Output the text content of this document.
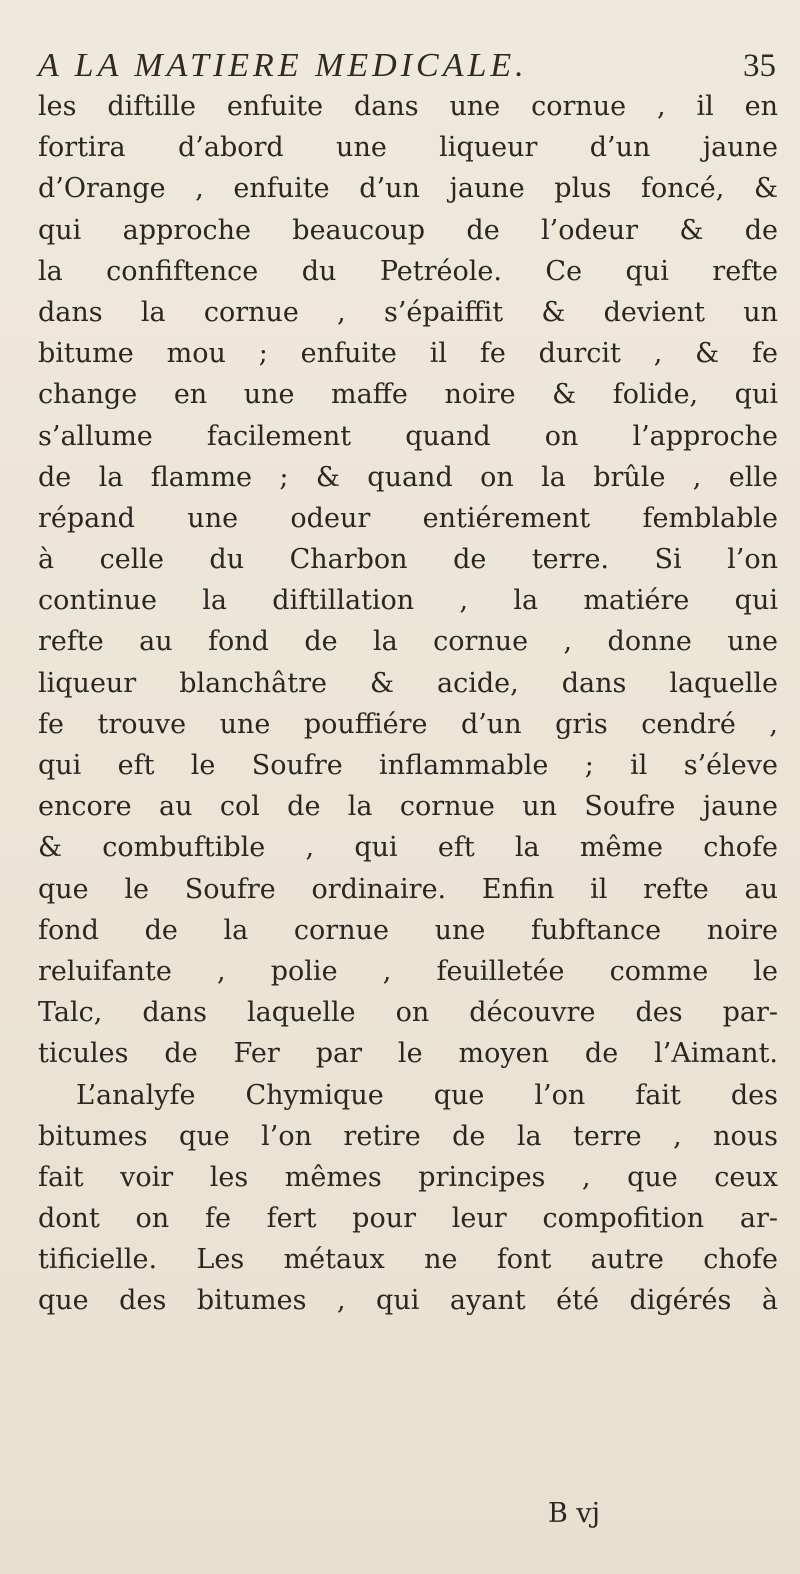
A LA MATIERE MEDICALE.	35
les diftille enfuite dans une cornue , il en
fortira d’abord une liqueur d’un jaune
d’Orange , enfuite d’un jaune plus foncé, &
qui approche beaucoup de l’odeur & de
la confiftence du Petréole. Ce qui refte
dans la cornue , s’épaiffit & devient un
bitume mou ; enfuite il fe durcit , & fe
change en une maffe noire & folide, qui
s’allume facilement quand on l’approche
de la flamme ; & quand on la brûle , elle
répand une odeur entiérement femblable
à celle du Charbon de terre. Si l’on
continue la diftillation , la matiére qui
refte au fond de la cornue , donne une
liqueur blanchâtre & acide, dans laquelle
fe trouve une pouffiére d’un gris cendré ,
qui eft le Soufre inflammable ; il s’éleve
encore au col de la cornue un Soufre jaune
& combuftible , qui eft la même chofe
que le Soufre ordinaire. Enfin il refte au
fond de la cornue une fubftance noire
reluifante , polie , feuilletée comme le
Talc, dans laquelle on découvre des par-
ticules de Fer par le moyen de l’Aimant.
L’analyfe Chymique que l’on fait des
bitumes que l’on retire de la terre , nous
fait voir les mêmes principes , que ceux
dont on fe fert pour leur compofition ar-
tificielle. Les métaux ne font autre chofe
que des bitumes , qui ayant été digérés à
B vj
